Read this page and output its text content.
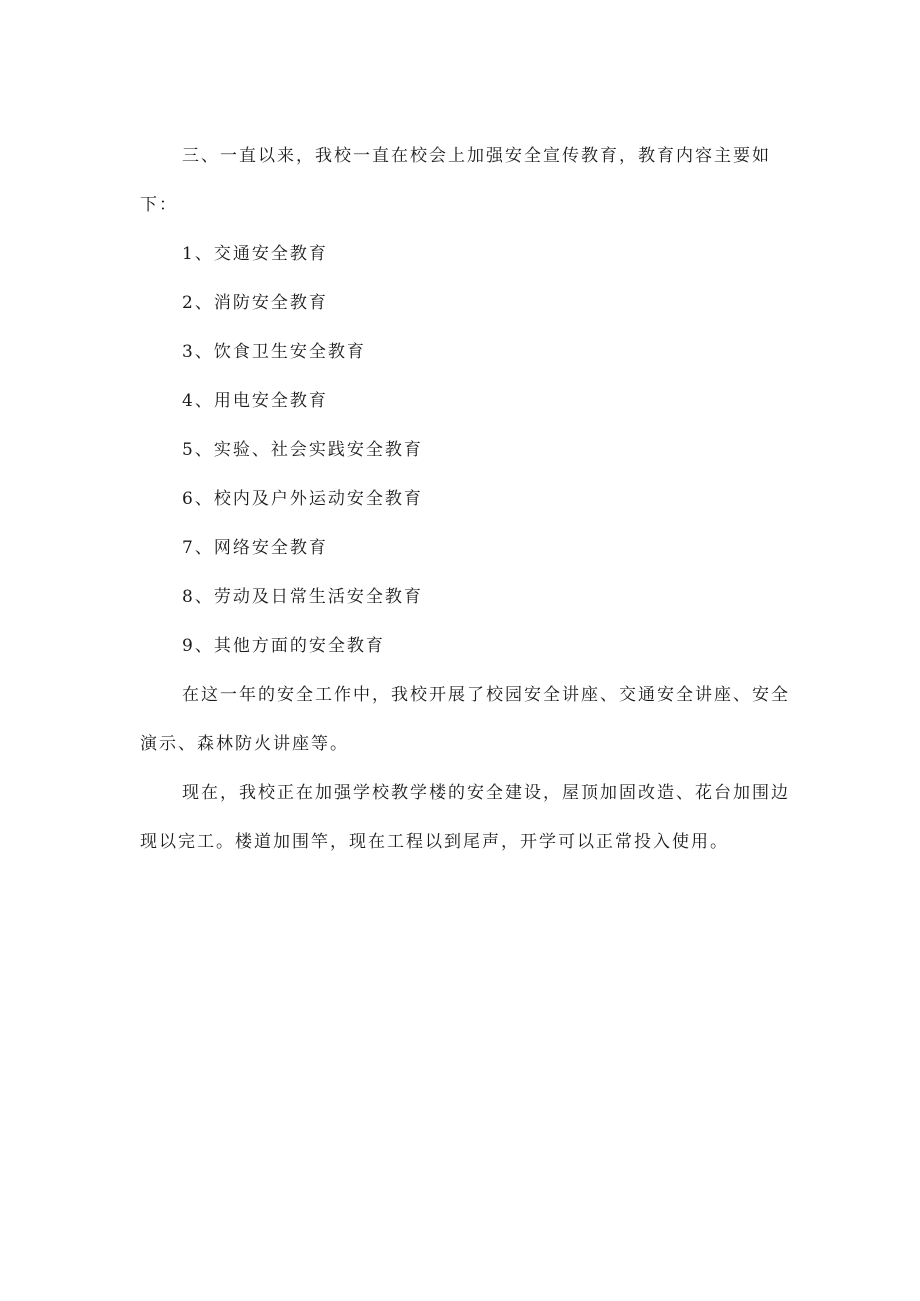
三、一直以来，我校一直在校会上加强安全宣传教育，教育内容主要如下：

1、交通安全教育
2、消防安全教育
3、饮食卫生安全教育
4、用电安全教育
5、实验、社会实践安全教育
6、校内及户外运动安全教育
7、网络安全教育
8、劳动及日常生活安全教育
9、其他方面的安全教育

在这一年的安全工作中，我校开展了校园安全讲座、交通安全讲座、安全演示、森林防火讲座等。

现在，我校正在加强学校教学楼的安全建设，屋顶加固改造、花台加围边现以完工。楼道加围竿，现在工程以到尾声，开学可以正常投入使用。
